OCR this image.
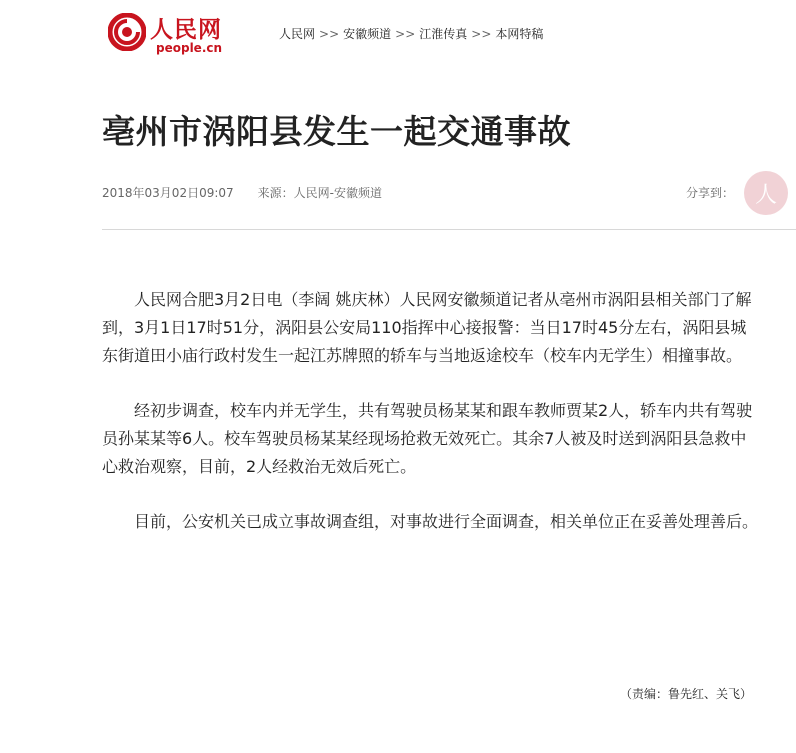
人民网
people.cn
人民网 >> 安徽频道 >> 江淮传真 >> 本网特稿
亳州市涡阳县发生一起交通事故
2018年03月02日09:07 来源：人民网-安徽频道	分享到： 人

人民网合肥3月2日电（李阔 姚庆林）人民网安徽频道记者从亳州市涡阳县相关部门了解到，3月1日17时51分，涡阳县公安局110指挥中心接报警：当日17时45分左右，涡阳县城东街道田小庙行政村发生一起江苏牌照的轿车与当地返途校车（校车内无学生）相撞事故。

经初步调查，校车内并无学生，共有驾驶员杨某某和跟车教师贾某2人，轿车内共有驾驶员孙某某等6人。校车驾驶员杨某某经现场抢救无效死亡。其余7人被及时送到涡阳县急救中心救治观察，目前，2人经救治无效后死亡。

目前，公安机关已成立事故调查组，对事故进行全面调查，相关单位正在妥善处理善后。

（责编：鲁先红、关飞）
